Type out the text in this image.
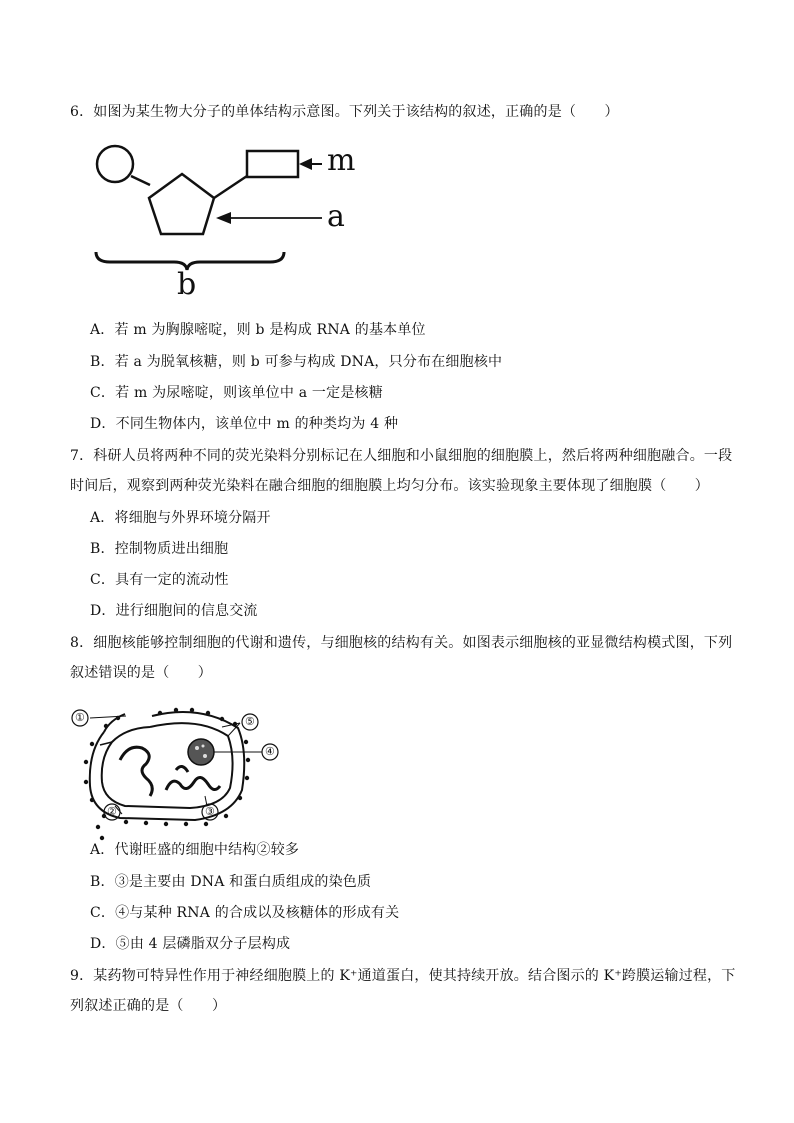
6．如图为某生物大分子的单体结构示意图。下列关于该结构的叙述，正确的是（　　）
m
a
b
A．若 m 为胸腺嘧啶，则 b 是构成 RNA 的基本单位
B．若 a 为脱氧核糖，则 b 可参与构成 DNA，只分布在细胞核中
C．若 m 为尿嘧啶，则该单位中 a 一定是核糖
D．不同生物体内，该单位中 m 的种类均为 4 种
7．科研人员将两种不同的荧光染料分别标记在人细胞和小鼠细胞的细胞膜上，然后将两种细胞融合。一段
时间后，观察到两种荧光染料在融合细胞的细胞膜上均匀分布。该实验现象主要体现了细胞膜（　　）
A．将细胞与外界环境分隔开
B．控制物质进出细胞
C．具有一定的流动性
D．进行细胞间的信息交流
8．细胞核能够控制细胞的代谢和遗传，与细胞核的结构有关。如图表示细胞核的亚显微结构模式图，下列
叙述错误的是（　　）
①
②	③
④
⑤
A．代谢旺盛的细胞中结构②较多
B．③是主要由 DNA 和蛋白质组成的染色质
C．④与某种 RNA 的合成以及核糖体的形成有关
D．⑤由 4 层磷脂双分子层构成
9．某药物可特异性作用于神经细胞膜上的 K⁺通道蛋白，使其持续开放。结合图示的 K⁺跨膜运输过程，下
列叙述正确的是（　　）
